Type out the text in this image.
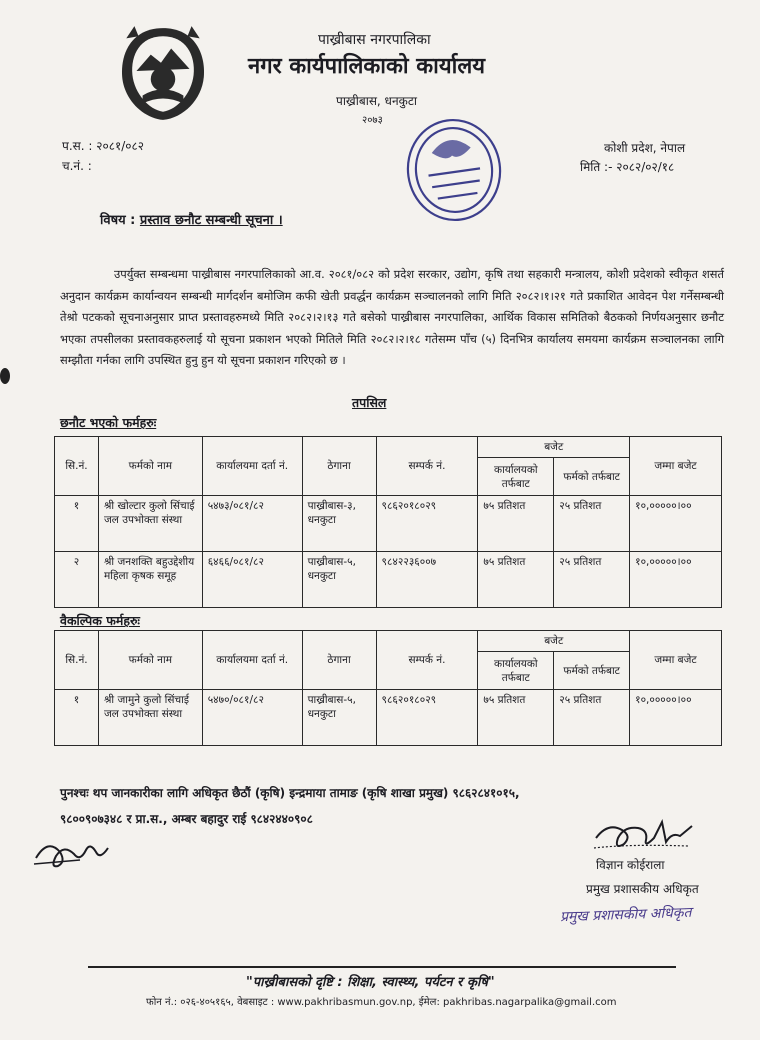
पाख्रीबास नगरपालिका
नगर कार्यपालिकाको कार्यालय
पाख्रीबास, धनकुटा
२०७३
प.स. : २०८१/०८२
च.नं. :
कोशी प्रदेश, नेपाल
मिति :- २०८२/०२/१८
विषय : प्रस्ताव छनौट सम्बन्धी सूचना ।

उपर्युक्त सम्बन्धमा पाख्रीबास नगरपालिकाको आ.व. २०८१/०८२ को प्रदेश सरकार, उद्योग, कृषि तथा सहकारी मन्त्रालय, कोशी प्रदेशको स्वीकृत शसर्त अनुदान कार्यक्रम कार्यान्वयन सम्बन्धी मार्गदर्शन बमोजिम कफी खेती प्रवर्द्धन कार्यक्रम सञ्चालनको लागि मिति २०८२।१।२१ गते प्रकाशित आवेदन पेश गर्नेसम्बन्धी तेश्रो पटकको सूचनाअनुसार प्राप्त प्रस्तावहरुमध्ये मिति २०८२।२।१३ गते बसेको पाख्रीबास नगरपालिका, आर्थिक विकास समितिको बैठकको निर्णयअनुसार छनौट भएका तपसीलका प्रस्तावकहरुलाई यो सूचना प्रकाशन भएको मितिले मिति २०८२।२।१८ गतेसम्म पाँच (५) दिनभित्र कार्यालय समयमा कार्यक्रम सञ्चालनका लागि सम्झौता गर्नका लागि उपस्थित हुनु हुन यो सूचना प्रकाशन गरिएको छ ।

तपसिल
छनौट भएको फर्महरुः
सि.नं.	फर्मको नाम	कार्यालयमा दर्ता नं.	ठेगाना	सम्पर्क नं.	बजेट		जम्मा बजेट
					कार्यालयको तर्फबाट	फर्मको तर्फबाट	
१	श्री खोल्टार कुलो सिंचाई जल उपभोक्ता संस्था	५४७३/०८१/८२	पाख्रीबास-३, धनकुटा	९८६२०१८०२९	७५ प्रतिशत	२५ प्रतिशत	१०,०००००।००
२	श्री जनशक्ति बहुउद्देशीय महिला कृषक समूह	६४६६/०८१/८२	पाख्रीबास-५, धनकुटा	९८४२२३६००७	७५ प्रतिशत	२५ प्रतिशत	१०,०००००।००
वैकल्पिक फर्महरुः
सि.नं.	फर्मको नाम	कार्यालयमा दर्ता नं.	ठेगाना	सम्पर्क नं.	बजेट		जम्मा बजेट
					कार्यालयको तर्फबाट	फर्मको तर्फबाट	
१	श्री जामुने कुलो सिंचाई जल उपभोक्ता संस्था	५४७०/०८१/८२	पाख्रीबास-५, धनकुटा	९८६२०१८०२९	७५ प्रतिशत	२५ प्रतिशत	१०,०००००।००
पुनश्चः थप जानकारीका लागि अधिकृत छैठौं (कृषि) इन्द्रमाया तामाङ (कृषि शाखा प्रमुख) ९८६२८४१०१५,
९८००९०७३४८ र प्रा.स., अम्बर बहादुर राई ९८४२४४०९०८
विज्ञान कोईराला
प्रमुख प्रशासकीय अधिकृत
प्रमुख प्रशासकीय अधिकृत
"पाख्रीबासको दृष्टि : शिक्षा, स्वास्थ्य, पर्यटन र कृषि"
फोन नं.: ०२६-४०५१६५, वेबसाइट : www.pakhribasmun.gov.np, ईमेल: pakhribas.nagarpalika@gmail.com
